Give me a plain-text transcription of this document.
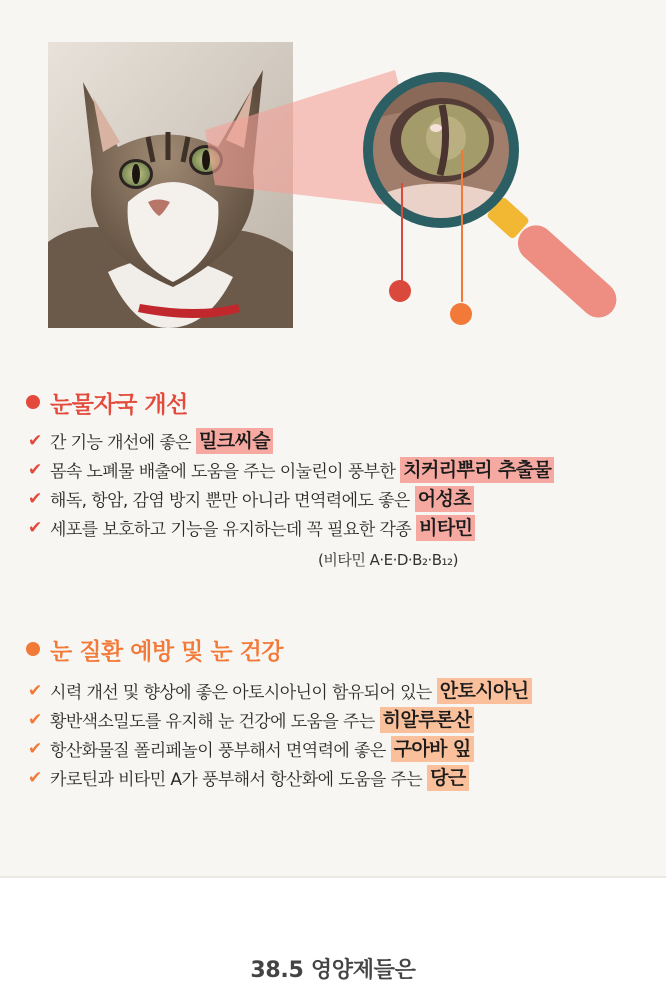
눈물자국 개선
✔ 간 기능 개선에 좋은 밀크씨슬
✔ 몸속 노폐물 배출에 도움을 주는 이눌린이 풍부한 치커리뿌리 추출물
✔ 해독, 항암, 감염 방지 뿐만 아니라 면역력에도 좋은 어성초
✔ 세포를 보호하고 기능을 유지하는데 꼭 필요한 각종 비타민
(비타민 A·E·D·B₂·B₁₂)
눈 질환 예방 및 눈 건강
✔ 시력 개선 및 향상에 좋은 아토시아닌이 함유되어 있는 안토시아닌
✔ 황반색소밀도를 유지해 눈 건강에 도움을 주는 히알루론산
✔ 항산화물질 폴리페놀이 풍부해서 면역력에 좋은 구아바 잎
✔ 카로틴과 비타민 A가 풍부해서 항산화에 도움을 주는 당근
38.5 영양제들은
